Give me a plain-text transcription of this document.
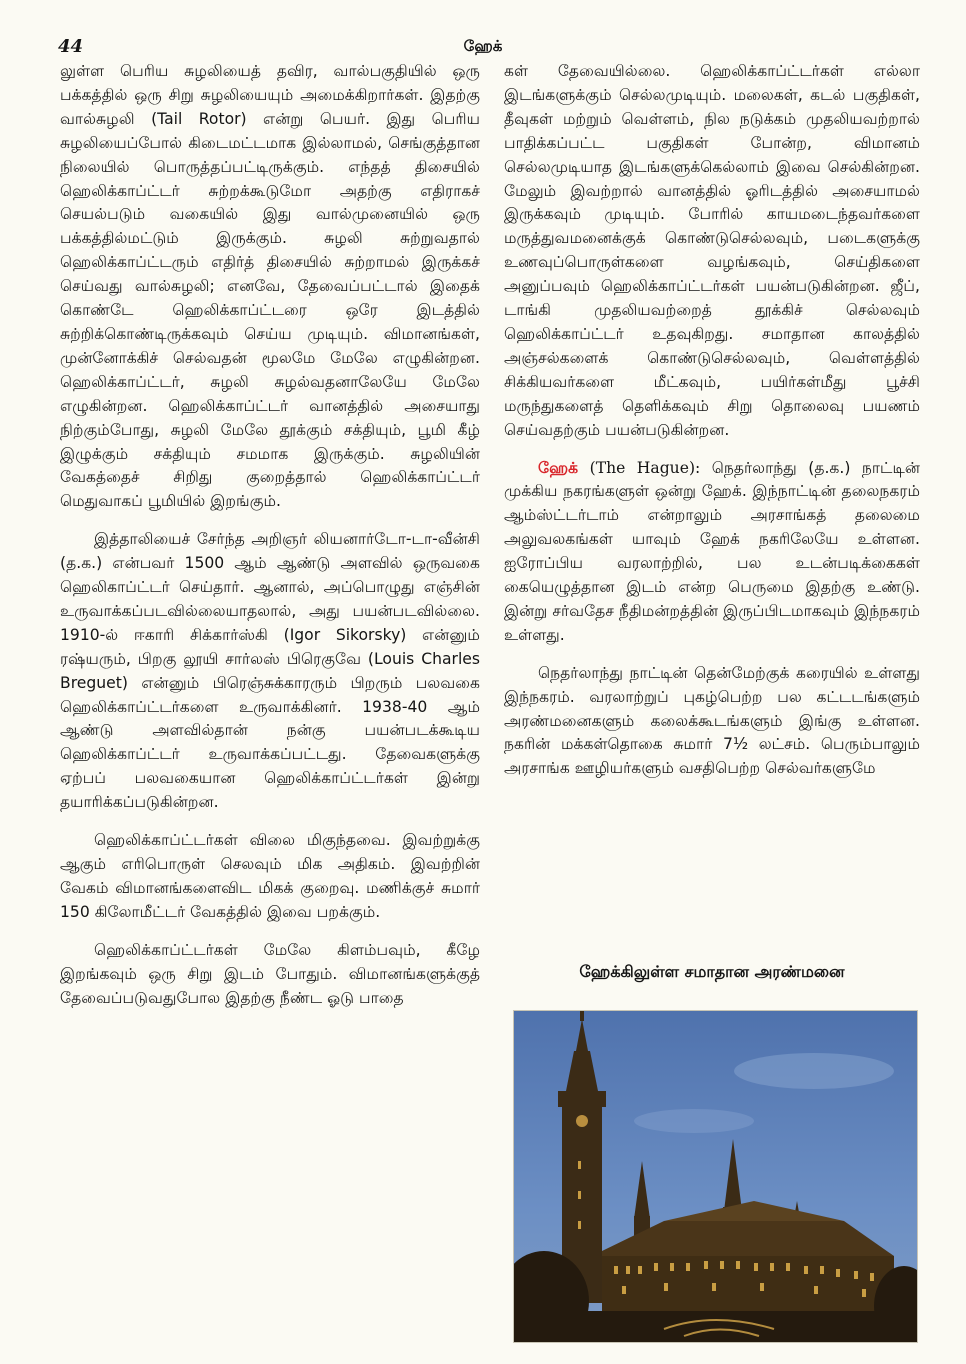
44	ஹேக்

லுள்ள பெரிய சுழலியைத் தவிர, வால்பகுதியில் ஒரு பக்கத்தில் ஒரு சிறு சுழலியையும் அமைக்கிறார்கள். இதற்கு வால்சுழலி (Tail Rotor) என்று பெயர். இது பெரிய சுழலியைப்போல் கிடைமட்டமாக இல்லாமல், செங்குத்தான நிலையில் பொருத்தப்பட்டிருக்கும். எந்தத் திசையில் ஹெலிக்காப்ட்டர் சுற்றக்கூடுமோ அதற்கு எதிராகச் செயல்படும் வகையில் இது வால்முனையில் ஒரு பக்கத்தில்மட்டும் இருக்கும். சுழலி சுற்றுவதால் ஹெலிக்காப்ட்டரும் எதிர்த் திசையில் சுற்றாமல் இருக்கச் செய்வது வால்சுழலி; எனவே, தேவைப்பட்டால் இதைக் கொண்டே ஹெலிக்காப்ட்டரை ஒரே இடத்தில் சுற்றிக்கொண்டிருக்கவும் செய்ய முடியும். விமானங்கள், முன்னோக்கிச் செல்வதன் மூலமே மேலே எழுகின்றன. ஹெலிக்காப்ட்டர், சுழலி சுழல்வதனாலேயே மேலே எழுகின்றன. ஹெலிக்காப்ட்டர் வானத்தில் அசையாது நிற்கும்போது, சுழலி மேலே தூக்கும் சக்தியும், பூமி கீழ் இழுக்கும் சக்தியும் சமமாக இருக்கும். சுழலியின் வேகத்தைச் சிறிது குறைத்தால் ஹெலிக்காப்ட்டர் மெதுவாகப் பூமியில் இறங்கும்.

இத்தாலியைச் சேர்ந்த அறிஞர் லியனார்டோ-டா-வீன்சி (த.க.) என்பவர் 1500 ஆம் ஆண்டு அளவில் ஒருவகை ஹெலிகாப்ட்டர் செய்தார். ஆனால், அப்பொழுது எஞ்சின் உருவாக்கப்படவில்லையாதலால், அது பயன்படவில்லை. 1910-ல் ஈகாரி சிக்கார்ஸ்கி (Igor Sikorsky) என்னும் ரஷ்யரும், பிறகு லூயி சார்லஸ் பிரெகுவே (Louis Charles Breguet) என்னும் பிரெஞ்சுக்காரரும் பிறரும் பலவகை ஹெலிக்காப்ட்டர்களை உருவாக்கினர். 1938-40 ஆம் ஆண்டு அளவில்தான் நன்கு பயன்படக்கூடிய ஹெலிக்காப்ட்டர் உருவாக்கப்பட்டது. தேவைகளுக்கு ஏற்பப் பலவகையான ஹெலிக்காப்ட்டர்கள் இன்று தயாரிக்கப்படுகின்றன.

ஹெலிக்காப்ட்டர்கள் விலை மிகுந்தவை. இவற்றுக்கு ஆகும் எரிபொருள் செலவும் மிக அதிகம். இவற்றின் வேகம் விமானங்களைவிட மிகக் குறைவு. மணிக்குச் சுமார் 150 கிலோமீட்டர் வேகத்தில் இவை பறக்கும்.

ஹெலிக்காப்ட்டர்கள் மேலே கிளம்பவும், கீழே இறங்கவும் ஒரு சிறு இடம் போதும். விமானங்களுக்குத் தேவைப்படுவதுபோல இதற்கு நீண்ட ஓடு பாதை

கள் தேவையில்லை. ஹெலிக்காப்ட்டர்கள் எல்லா இடங்களுக்கும் செல்லமுடியும். மலைகள், கடல் பகுதிகள், தீவுகள் மற்றும் வெள்ளம், நில நடுக்கம் முதலியவற்றால் பாதிக்கப்பட்ட பகுதிகள் போன்ற, விமானம் செல்லமுடியாத இடங்களுக்கெல்லாம் இவை செல்கின்றன. மேலும் இவற்றால் வானத்தில் ஓரிடத்தில் அசையாமல் இருக்கவும் முடியும். போரில் காயமடைந்தவர்களை மருத்துவமனைக்குக் கொண்டுசெல்லவும், படைகளுக்கு உணவுப்பொருள்களை வழங்கவும், செய்திகளை அனுப்பவும் ஹெலிக்காப்ட்டர்கள் பயன்படுகின்றன. ஜீப், டாங்கி முதலியவற்றைத் தூக்கிச் செல்லவும் ஹெலிக்காப்ட்டர் உதவுகிறது. சமாதான காலத்தில் அஞ்சல்களைக் கொண்டுசெல்லவும், வெள்ளத்தில் சிக்கியவர்களை மீட்கவும், பயிர்கள்மீது பூச்சி மருந்துகளைத் தெளிக்கவும் சிறு தொலைவு பயணம் செய்வதற்கும் பயன்படுகின்றன.

ஹேக் (The Hague): நெதர்லாந்து (த.க.) நாட்டின் முக்கிய நகரங்களுள் ஒன்று ஹேக். இந்நாட்டின் தலைநகரம் ஆம்ஸ்ட்டர்டாம் என்றாலும் அரசாங்கத் தலைமை அலுவலகங்கள் யாவும் ஹேக் நகரிலேயே உள்ளன. ஐரோப்பிய வரலாற்றில், பல உடன்படிக்கைகள் கையெழுத்தான இடம் என்ற பெருமை இதற்கு உண்டு. இன்று சர்வதேச நீதிமன்றத்தின் இருப்பிடமாகவும் இந்நகரம் உள்ளது.

நெதர்லாந்து நாட்டின் தென்மேற்குக் கரையில் உள்ளது இந்நகரம். வரலாற்றுப் புகழ்பெற்ற பல கட்டடங்களும் அரண்மனைகளும் கலைக்கூடங்களும் இங்கு உள்ளன. நகரின் மக்கள்தொகை சுமார் 7½ லட்சம். பெரும்பாலும் அரசாங்க ஊழியர்களும் வசதிபெற்ற செல்வர்களுமே

ஹேக்கிலுள்ள சமாதான அரண்மனை
